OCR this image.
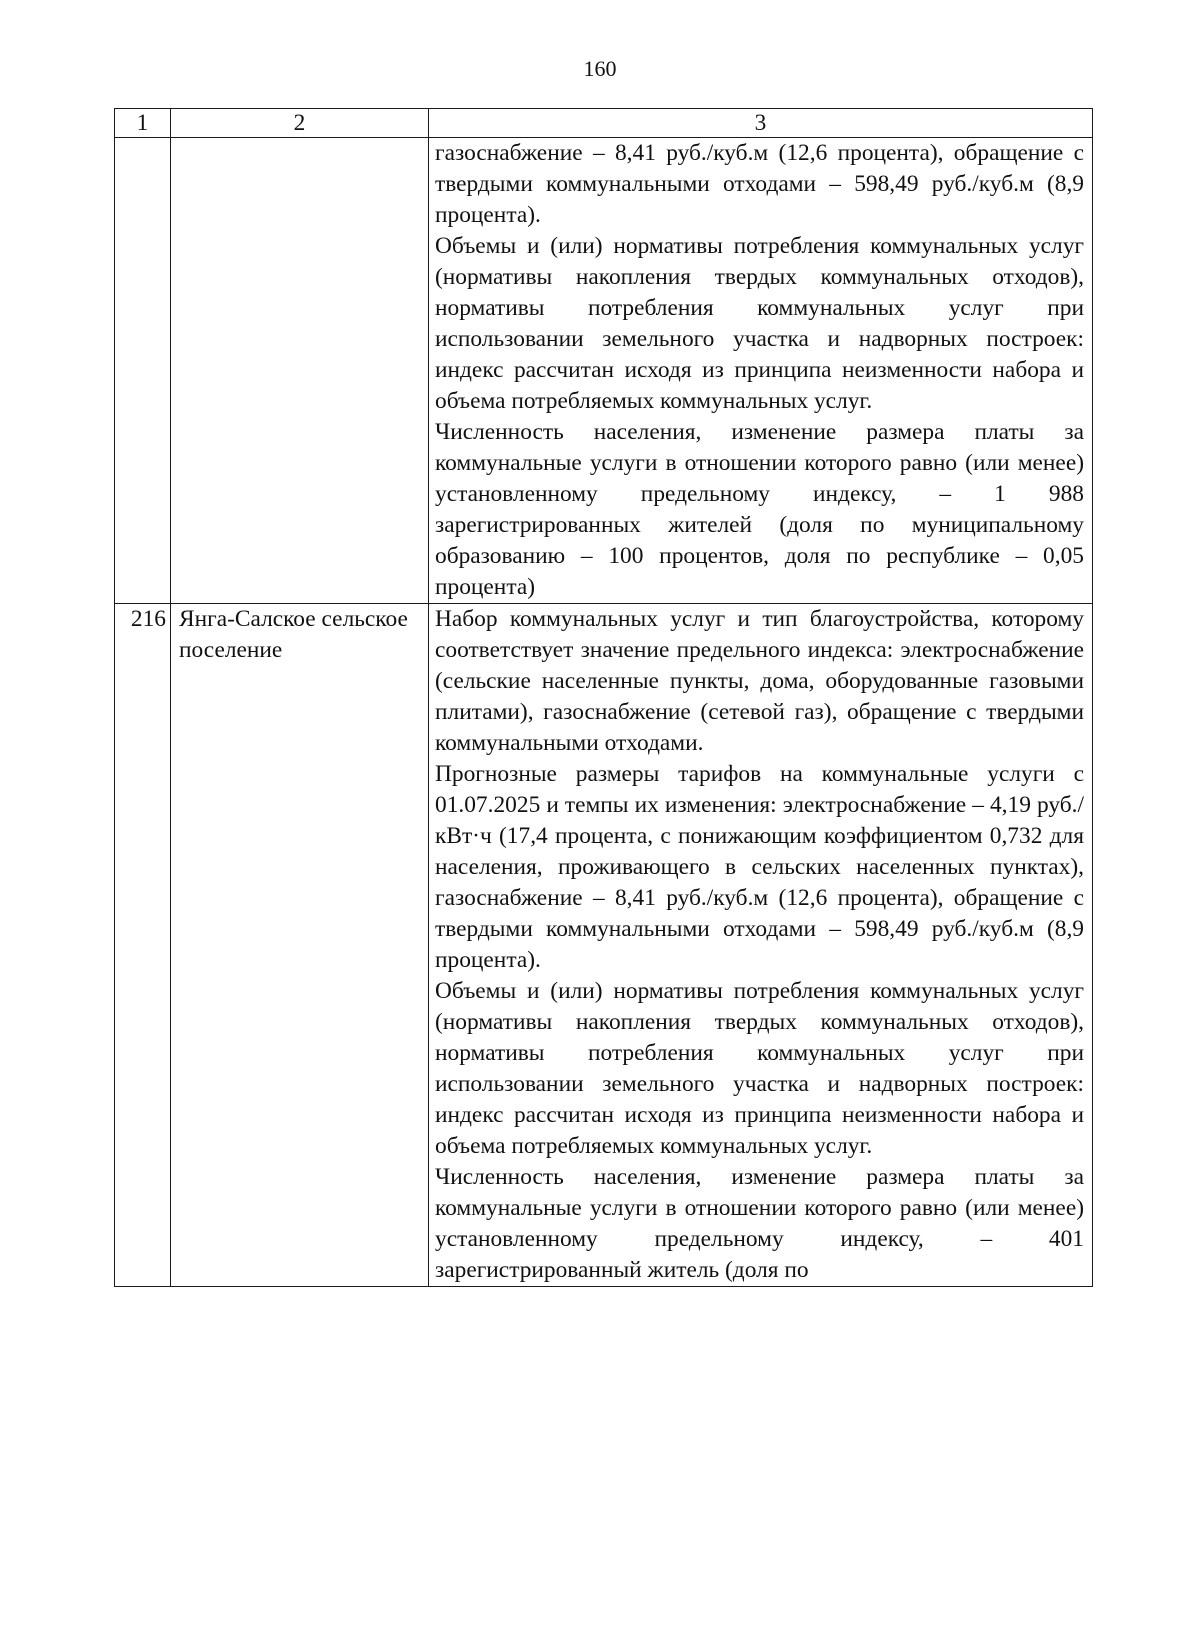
160
1	2	3

		газоснабжение – 8,41 руб./куб.м (12,6 процента), обращение с твердыми коммунальными отходами – 598,49 руб./куб.м (8,9 процента).

Объемы и (или) нормативы потребления коммунальных услуг (нормативы накопления твердых коммунальных отходов), нормативы потребления коммунальных услуг при использовании земельного участка и надворных построек: индекс рассчитан исходя из принципа неизменности набора и объема потребляемых коммунальных услуг.

Численность населения, изменение размера платы за коммунальные услуги в отношении которого равно (или менее) установленному предельному индексу, – 1 988 зарегистрированных жителей (доля по муниципальному образованию – 100 процентов, доля по республике – 0,05 процента)

216	Янга-Салское сельское поселение	Набор коммунальных услуг и тип благоустройства, которому соответствует значение предельного индекса: электроснабжение (сельские населенные пункты, дома, оборудованные газовыми плитами), газоснабжение (сетевой газ), обращение с твердыми коммунальными отходами.

Прогнозные размеры тарифов на коммунальные услуги с 01.07.2025 и темпы их изменения: электроснабжение – 4,19 руб./кВт·ч (17,4 процента, с понижающим коэффициентом 0,732 для населения, проживающего в сельских населенных пунктах), газоснабжение – 8,41 руб./куб.м (12,6 процента), обращение с твердыми коммунальными отходами – 598,49 руб./куб.м (8,9 процента).

Объемы и (или) нормативы потребления коммунальных услуг (нормативы накопления твердых коммунальных отходов), нормативы потребления коммунальных услуг при использовании земельного участка и надворных построек: индекс рассчитан исходя из принципа неизменности набора и объема потребляемых коммунальных услуг.

Численность населения, изменение размера платы за коммунальные услуги в отношении которого равно (или менее) установленному предельному индексу, – 401 зарегистрированный житель (доля по
